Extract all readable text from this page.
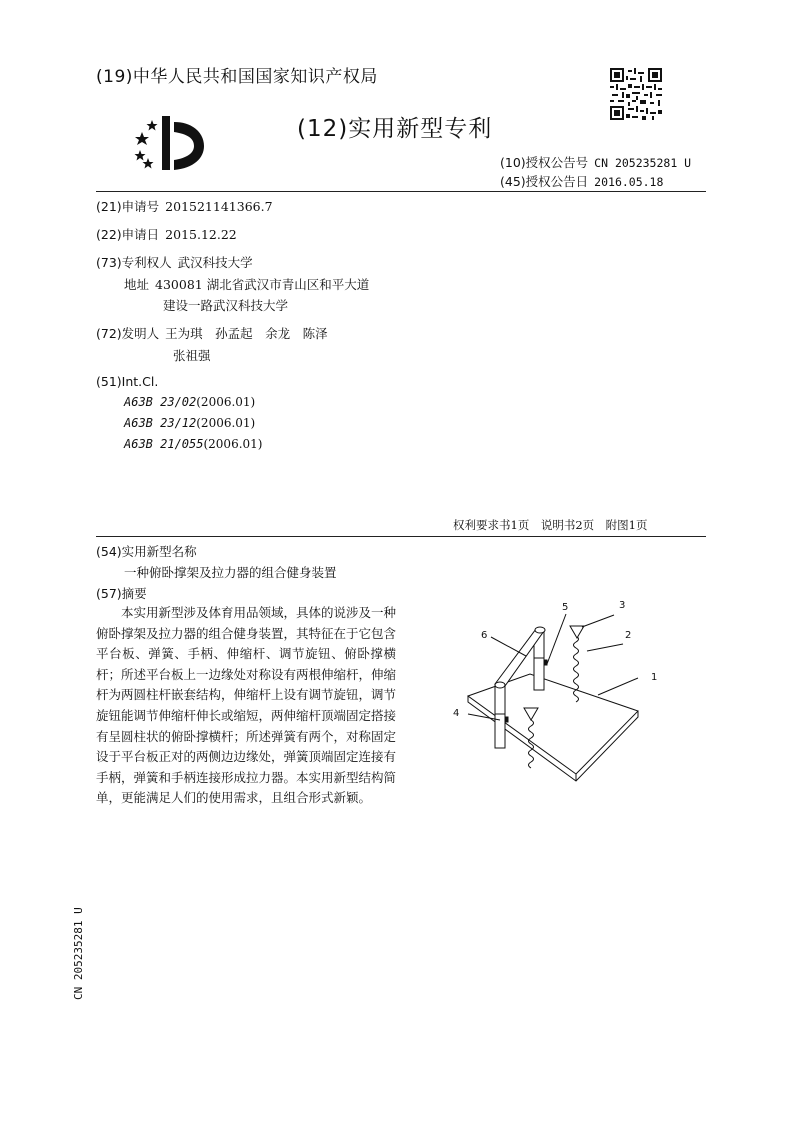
(19)中华人民共和国国家知识产权局
(12)实用新型专利
(10)授权公告号 CN 205235281 U
(45)授权公告日 2016.05.18
(21)申请号 201521141366.7
(22)申请日 2015.12.22
(73)专利权人 武汉科技大学
地址 430081 湖北省武汉市青山区和平大道
建设一路武汉科技大学
(72)发明人 王为琪　孙孟起　余龙　陈泽
张祖强
(51)Int.Cl.
A63B 23/02(2006.01)
A63B 23/12(2006.01)
A63B 21/055(2006.01)
权利要求书1页　说明书2页　附图1页
(54)实用新型名称
一种俯卧撑架及拉力器的组合健身装置
(57)摘要
本实用新型涉及体育用品领域，具体的说涉及一种俯卧撑架及拉力器的组合健身装置，其特征在于它包含平台板、弹簧、手柄、伸缩杆、调节旋钮、俯卧撑横杆；所述平台板上一边缘处对称设有两根伸缩杆，伸缩杆为两圆柱杆嵌套结构，伸缩杆上设有调节旋钮，调节旋钮能调节伸缩杆伸长或缩短，两伸缩杆顶端固定搭接有呈圆柱状的俯卧撑横杆；所述弹簧有两个，对称固定设于平台板正对的两侧边边缘处，弹簧顶端固定连接有手柄，弹簧和手柄连接形成拉力器。本实用新型结构简单，更能满足人们的使用需求，且组合形式新颖。
1
2
3
4
5
6
CN 205235281 U
